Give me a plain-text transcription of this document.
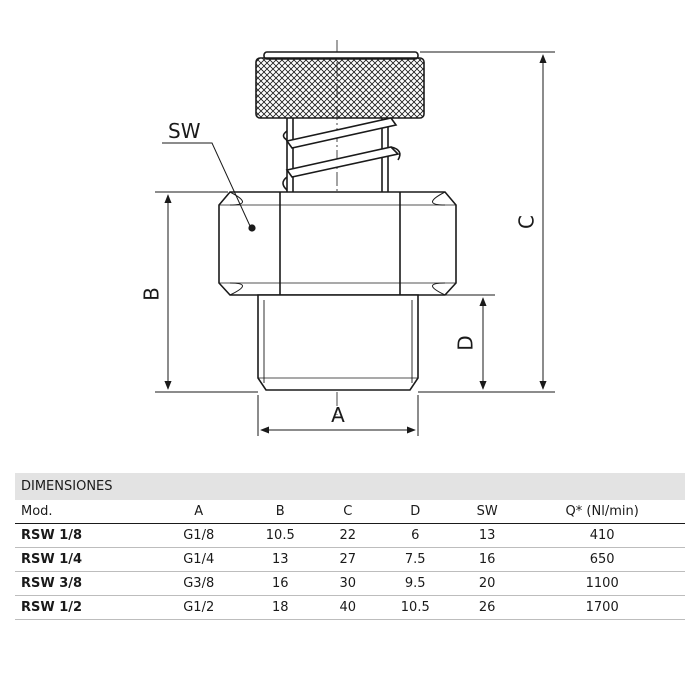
SW
B
C
D
A
DIMENSIONES						
Mod.	A	B	C	D	SW	Q* (Nl/min)
RSW 1/8	G1/8	10.5	22	6	13	410
RSW 1/4	G1/4	13	27	7.5	16	650
RSW 3/8	G3/8	16	30	9.5	20	1100
RSW 1/2	G1/2	18	40	10.5	26	1700
